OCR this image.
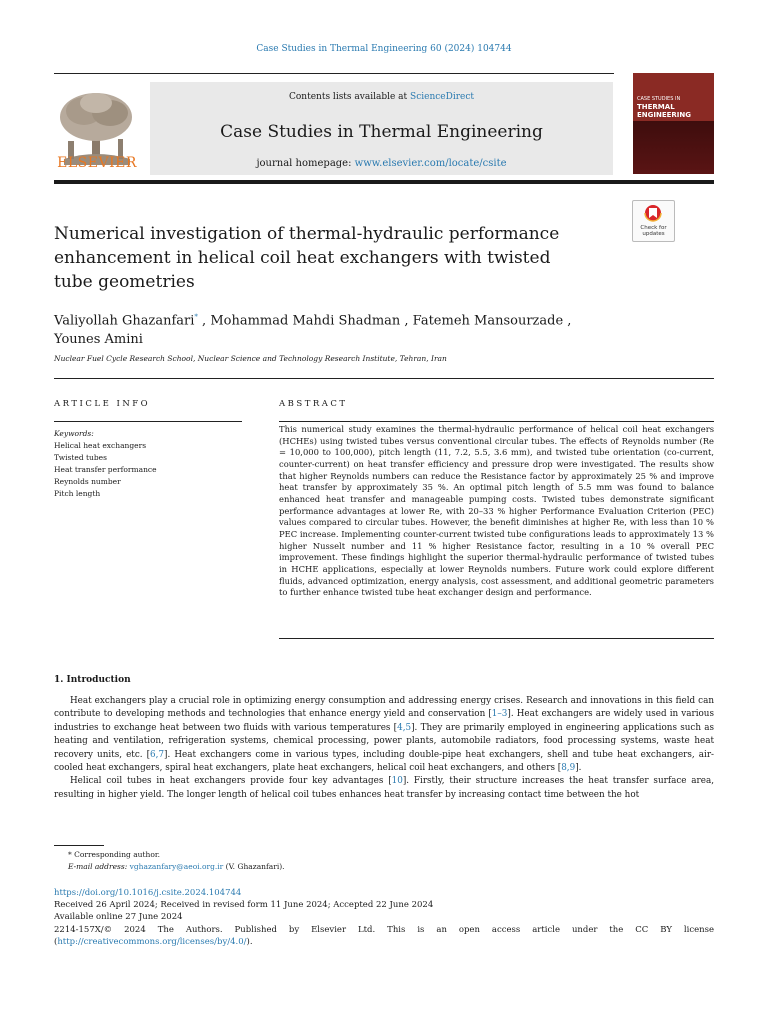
Case Studies in Thermal Engineering 60 (2024) 104744
ELSEVIER
Contents lists available at ScienceDirect
Case Studies in Thermal Engineering
journal homepage: www.elsevier.com/locate/csite
CASE STUDIES IN
THERMAL
ENGINEERING
Check for
updates
Numerical investigation of thermal-hydraulic performance enhancement in helical coil heat exchangers with twisted tube geometries
Valiyollah Ghazanfari* , Mohammad Mahdi Shadman , Fatemeh Mansourzade ,
Younes Amini
Nuclear Fuel Cycle Research School, Nuclear Science and Technology Research Institute, Tehran, Iran
ARTICLE INFO	ABSTRACT
Keywords:
Helical heat exchangers
Twisted tubes
Heat transfer performance
Reynolds number
Pitch length
This numerical study examines the thermal-hydraulic performance of helical coil heat exchangers (HCHEs) using twisted tubes versus conventional circular tubes. The effects of Reynolds number (Re = 10,000 to 100,000), pitch length (11, 7.2, 5.5, 3.6 mm), and twisted tube orientation (co-current, counter-current) on heat transfer efficiency and pressure drop were investigated. The results show that higher Reynolds numbers can reduce the Resistance factor by approximately 25 % and improve heat transfer by approximately 35 %. An optimal pitch length of 5.5 mm was found to balance enhanced heat transfer and manageable pumping costs. Twisted tubes demonstrate significant performance advantages at lower Re, with 20–33 % higher Performance Evaluation Criterion (PEC) values compared to circular tubes. However, the benefit diminishes at higher Re, with less than 10 % PEC increase. Implementing counter-current twisted tube configurations leads to approximately 13 % higher Nusselt number and 11 % higher Resistance factor, resulting in a 10 % overall PEC improvement. These findings highlight the superior thermal-hydraulic performance of twisted tubes in HCHE applications, especially at lower Reynolds numbers. Future work could explore different fluids, advanced optimization, energy analysis, cost assessment, and additional geometric parameters to further enhance twisted tube heat exchanger design and performance.
1. Introduction

Heat exchangers play a crucial role in optimizing energy consumption and addressing energy crises. Research and innovations in this field can contribute to developing methods and technologies that enhance energy yield and conservation [1–3]. Heat exchangers are widely used in various industries to exchange heat between two fluids with various temperatures [4,5]. They are primarily employed in engineering applications such as heating and ventilation, refrigeration systems, chemical processing, power plants, automobile radiators, food processing systems, waste heat recovery units, etc. [6,7]. Heat exchangers come in various types, including double-pipe heat exchangers, shell and tube heat exchangers, air-cooled heat exchangers, spiral heat exchangers, plate heat exchangers, helical coil heat exchangers, and others [8,9].

Helical coil tubes in heat exchangers provide four key advantages [10]. Firstly, their structure increases the heat transfer surface area, resulting in higher yield. The longer length of helical coil tubes enhances heat transfer by increasing contact time between the hot

* Corresponding author.
E-mail address: vghazanfary@aeoi.org.ir (V. Ghazanfari).
https://doi.org/10.1016/j.csite.2024.104744
Received 26 April 2024; Received in revised form 11 June 2024; Accepted 22 June 2024
Available online 27 June 2024
2214-157X/© 2024 The Authors. Published by Elsevier Ltd. This is an open access article under the CC BY license
(http://creativecommons.org/licenses/by/4.0/).
